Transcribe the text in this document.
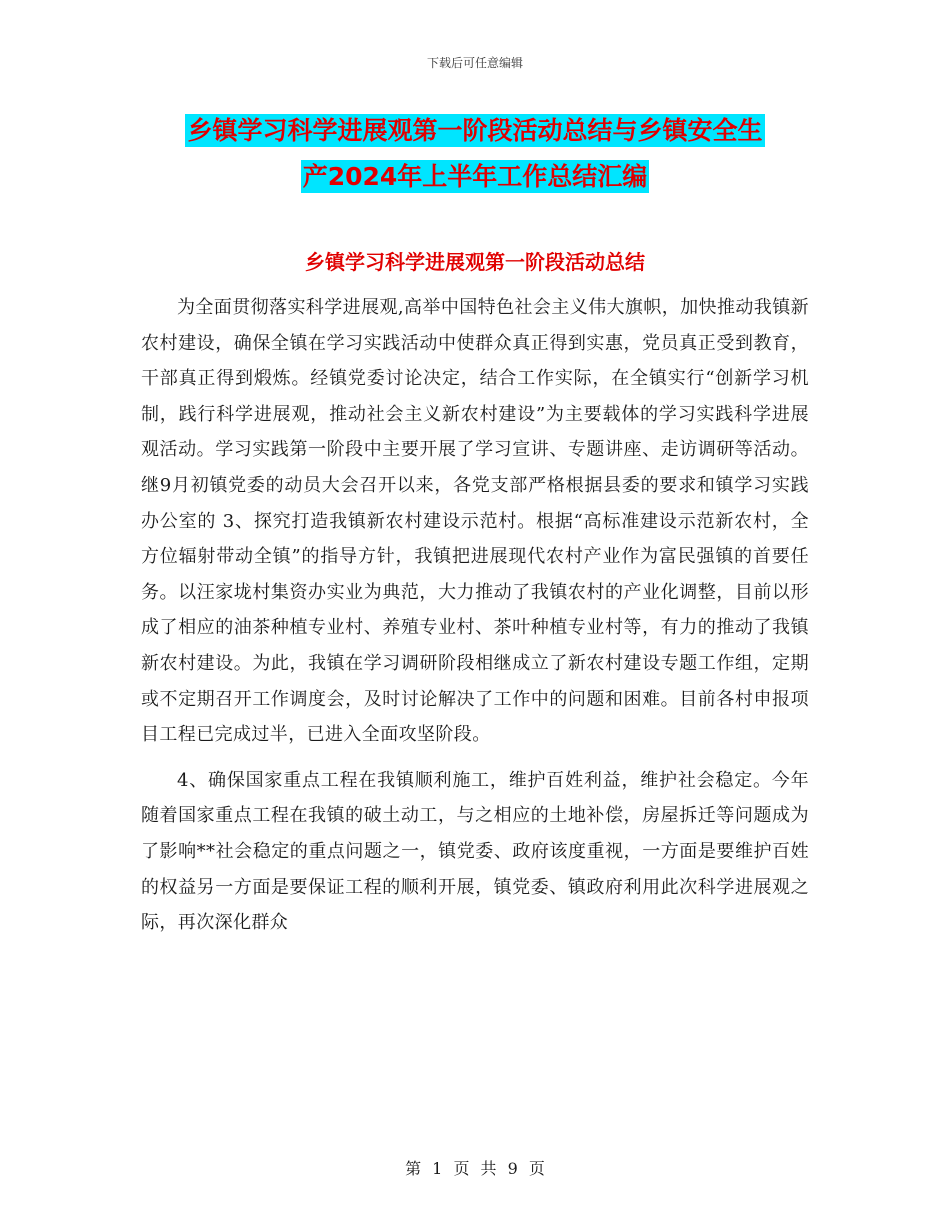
下载后可任意编辑
乡镇学习科学进展观第一阶段活动总结与乡镇安全生
产2024年上半年工作总结汇编
乡镇学习科学进展观第一阶段活动总结

为全面贯彻落实科学进展观,高举中国特色社会主义伟大旗帜，加快推动我镇新农村建设，确保全镇在学习实践活动中使群众真正得到实惠，党员真正受到教育，干部真正得到煅炼。经镇党委讨论决定，结合工作实际，在全镇实行“创新学习机制，践行科学进展观，推动社会主义新农村建设”为主要载体的学习实践科学进展观活动。学习实践第一阶段中主要开展了学习宣讲、专题讲座、走访调研等活动。继9月初镇党委的动员大会召开以来，各党支部严格根据县委的要求和镇学习实践办公室的 3、探究打造我镇新农村建设示范村。根据“高标准建设示范新农村，全方位辐射带动全镇”的指导方针，我镇把进展现代农村产业作为富民强镇的首要任务。以汪家垅村集资办实业为典范，大力推动了我镇农村的产业化调整，目前以形成了相应的油茶种植专业村、养殖专业村、茶叶种植专业村等，有力的推动了我镇新农村建设。为此，我镇在学习调研阶段相继成立了新农村建设专题工作组，定期或不定期召开工作调度会，及时讨论解决了工作中的问题和困难。目前各村申报项目工程已完成过半，已进入全面攻坚阶段。

4、确保国家重点工程在我镇顺利施工，维护百姓利益，维护社会稳定。今年随着国家重点工程在我镇的破土动工，与之相应的土地补偿，房屋拆迁等问题成为了影响**社会稳定的重点问题之一，镇党委、政府该度重视，一方面是要维护百姓的权益另一方面是要保证工程的顺利开展，镇党委、镇政府利用此次科学进展观之际，再次深化群众

第 1 页 共 9 页
